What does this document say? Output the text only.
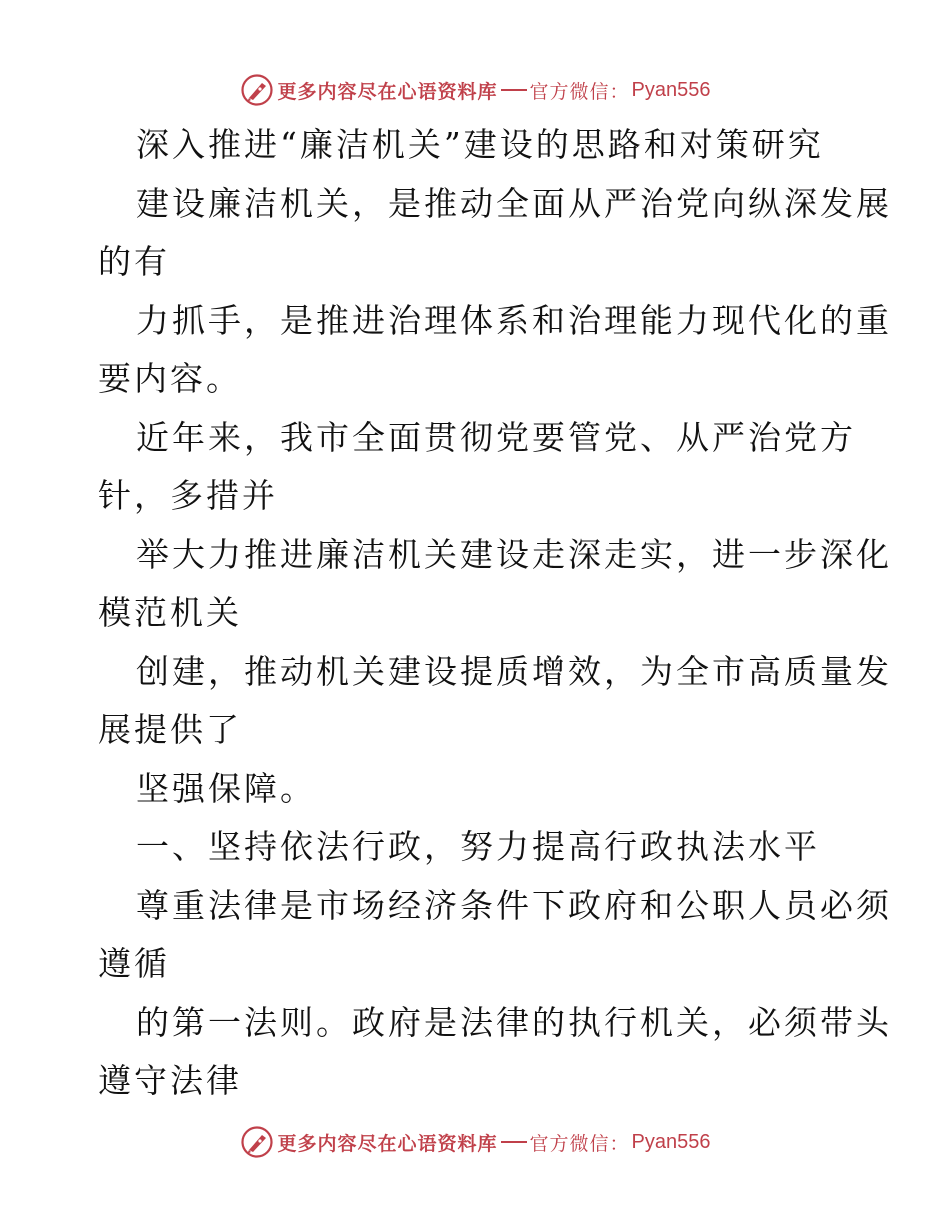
更多内容尽在心语资料库 官方微信： Pyan556

深入推进“廉洁机关”建设的思路和对策研究

建设廉洁机关，是推动全面从严治党向纵深发展

的有

力抓手，是推进治理体系和治理能力现代化的重

要内容。

近年来，我市全面贯彻党要管党、从严治党方

针，多措并

举大力推进廉洁机关建设走深走实，进一步深化

模范机关

创建，推动机关建设提质增效，为全市高质量发

展提供了

坚强保障。

一、坚持依法行政，努力提高行政执法水平

尊重法律是市场经济条件下政府和公职人员必须

遵循

的第一法则。政府是法律的执行机关，必须带头

遵守法律

更多内容尽在心语资料库 官方微信： Pyan556
